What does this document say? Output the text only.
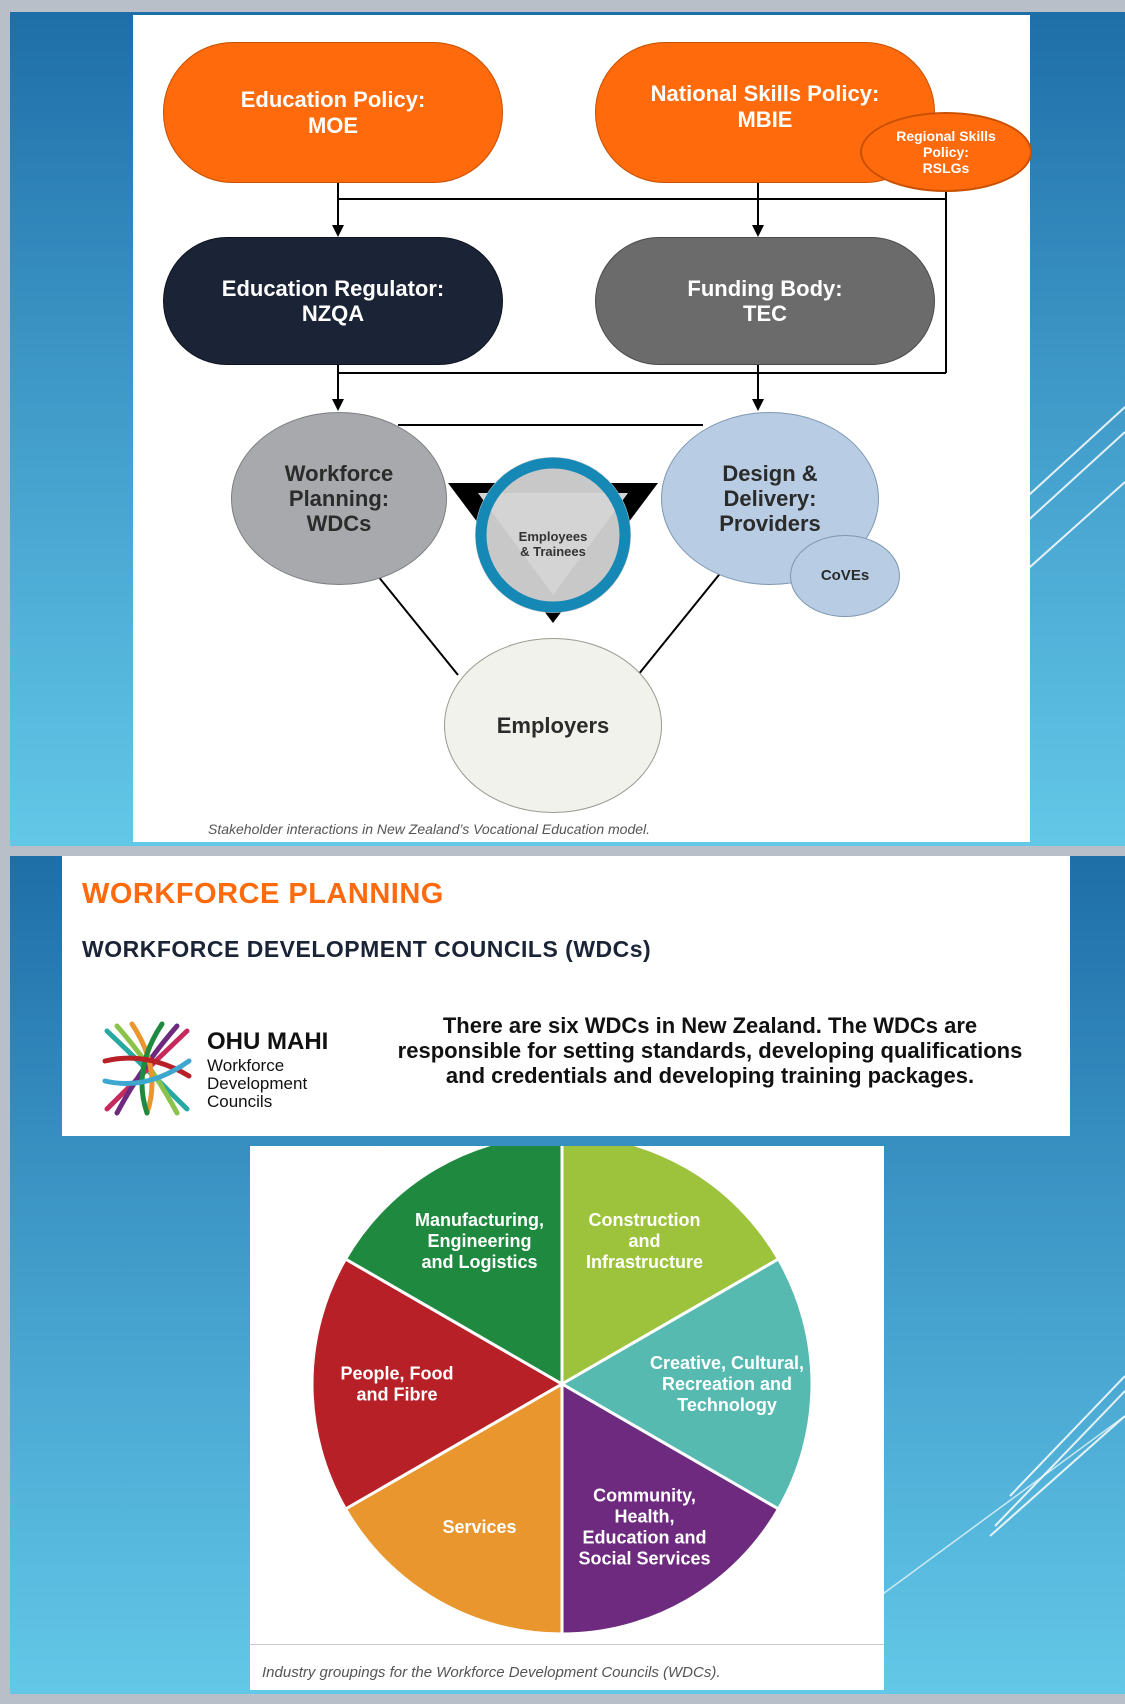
Education Policy:
MOE
National Skills Policy:
MBIE
Regional Skills
Policy:
RSLGs
Education Regulator:
NZQA
Funding Body:
TEC
Workforce
Planning:
WDCs
Design &
Delivery:
Providers
CoVEs
Employees
& Trainees
Employers
Stakeholder interactions in New Zealand’s Vocational Education model.
WORKFORCE PLANNING
WORKFORCE DEVELOPMENT COUNCILS (WDCs)
OHU MAHI
Workforce
Development
Councils
There are six WDCs in New Zealand. The WDCs are responsible for setting standards, developing qualifications and credentials and developing training packages.
Construction and Infrastructure
Creative, Cultural, Recreation and Technology
Community, Health, Education and Social Services
Services
People, Food and Fibre
Manufacturing, Engineering and Logistics
Industry groupings for the Workforce Development Councils (WDCs).
